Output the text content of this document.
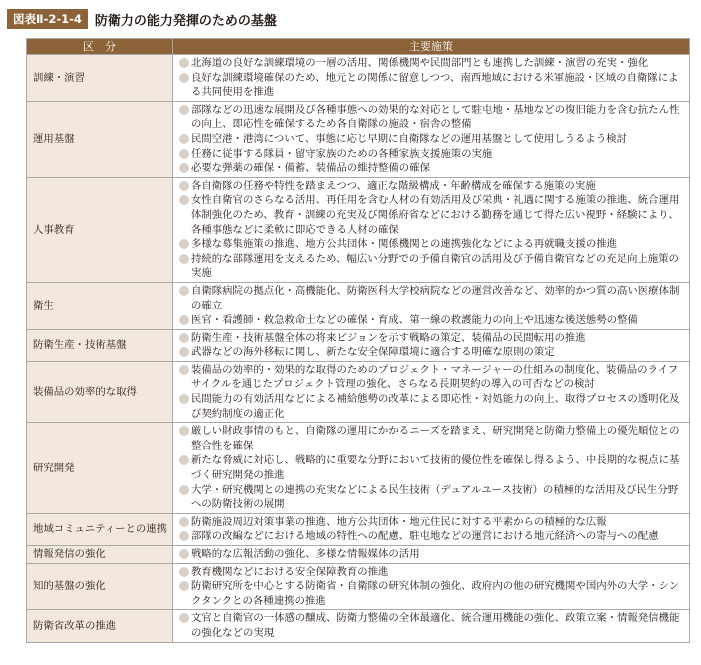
図表Ⅱ-2-1-4	防衛力の能力発揮のための基盤
区　分	主要施策
訓練・演習	北海道の良好な訓練環境の一層の活用、関係機関や民間部門とも連携した訓練・演習の充実・強化
良好な訓練環境確保のため、地元との関係に留意しつつ、南西地域における米軍施設・区域の自衛隊による共同使用を推進

運用基盤	部隊などの迅速な展開及び各種事態への効果的な対応として駐屯地・基地などの復旧能力を含む抗たん性の向上、即応性を確保するため各自衛隊の施設・宿舎の整備
民間空港・港湾について、事態に応じ早期に自衛隊などの運用基盤として使用しうるよう検討
任務に従事する隊員・留守家族のための各種家族支援施策の実施
必要な弾薬の確保・備蓄、装備品の維持整備の確保

人事教育	各自衛隊の任務や特性を踏まえつつ、適正な階級構成・年齢構成を確保する施策の実施
女性自衛官のさらなる活用、再任用を含む人材の有効活用及び栄典・礼遇に関する施策の推進、統合運用体制強化のため、教育・訓練の充実及び関係府省などにおける勤務を通じて得た広い視野・経験により、各種事態などに柔軟に即応できる人材の確保
多様な募集施策の推進、地方公共団体・関係機関との連携強化などによる再就職支援の推進
持続的な部隊運用を支えるため、幅広い分野での予備自衛官の活用及び予備自衛官などの充足向上施策の実施

衛生	自衛隊病院の拠点化・高機能化、防衛医科大学校病院などの運営改善など、効率的かつ質の高い医療体制の確立
医官・看護師・救急救命士などの確保・育成、第一線の救護能力の向上や迅速な後送態勢の整備

防衛生産・技術基盤	防衛生産・技術基盤全体の将来ビジョンを示す戦略の策定、装備品の民間転用の推進
武器などの海外移転に関し、新たな安全保障環境に適合する明確な原則の策定

装備品の効率的な取得	装備品の効率的・効果的な取得のためのプロジェクト・マネージャーの仕組みの制度化、装備品のライフサイクルを通じたプロジェクト管理の強化、さらなる長期契約の導入の可否などの検討
民間能力の有効活用などによる補給態勢の改革による即応性・対処能力の向上、取得プロセスの透明化及び契約制度の適正化

研究開発	厳しい財政事情のもと、自衛隊の運用にかかるニーズを踏まえ、研究開発と防衛力整備上の優先順位との整合性を確保
新たな脅威に対応し、戦略的に重要な分野において技術的優位性を確保し得るよう、中長期的な視点に基づく研究開発の推進
大学・研究機関との連携の充実などによる民生技術（デュアルユース技術）の積極的な活用及び民生分野への防衛技術の展開

地域コミュニティーとの連携	防衛施設周辺対策事業の推進、地方公共団体・地元住民に対する平素からの積極的な広報
部隊の改編などにおける地域の特性への配慮、駐屯地などの運営における地元経済への寄与への配慮

情報発信の強化	戦略的な広報活動の強化、多様な情報媒体の活用

知的基盤の強化	教育機関などにおける安全保障教育の推進
防衛研究所を中心とする防衛省・自衛隊の研究体制の強化、政府内の他の研究機関や国内外の大学・シンクタンクとの各種連携の推進

防衛省改革の推進	文官と自衛官の一体感の醸成、防衛力整備の全体最適化、統合運用機能の強化、政策立案・情報発信機能の強化などの実現
